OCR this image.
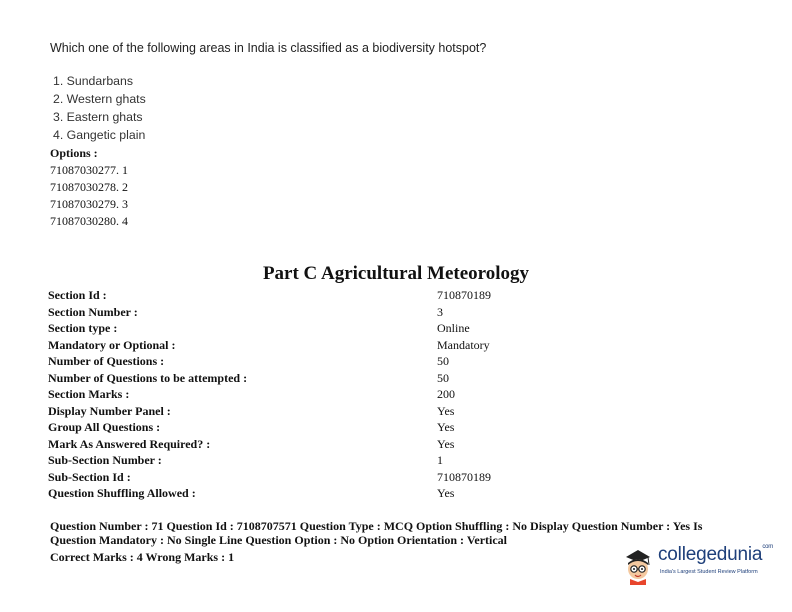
Which one of the following areas in India is classified as a biodiversity hotspot?
1. Sundarbans
2. Western ghats
3. Eastern ghats
4. Gangetic plain
Options :
71087030277. 1
71087030278. 2
71087030279. 3
71087030280. 4
Part C Agricultural Meteorology
Section Id :	710870189
Section Number :	3
Section type :	Online
Mandatory or Optional :	Mandatory
Number of Questions :	50
Number of Questions to be attempted :	50
Section Marks :	200
Display Number Panel :	Yes
Group All Questions :	Yes
Mark As Answered Required? :	Yes
Sub-Section Number :	1
Sub-Section Id :	710870189
Question Shuffling Allowed :	Yes
Question Number : 71 Question Id : 7108707571 Question Type : MCQ Option Shuffling : No Display Question Number : Yes Is Question Mandatory : No Single Line Question Option : No Option Orientation : Vertical
Correct Marks : 4 Wrong Marks : 1	collegedunia$^{com}$
India's Largest Student Review Platform
